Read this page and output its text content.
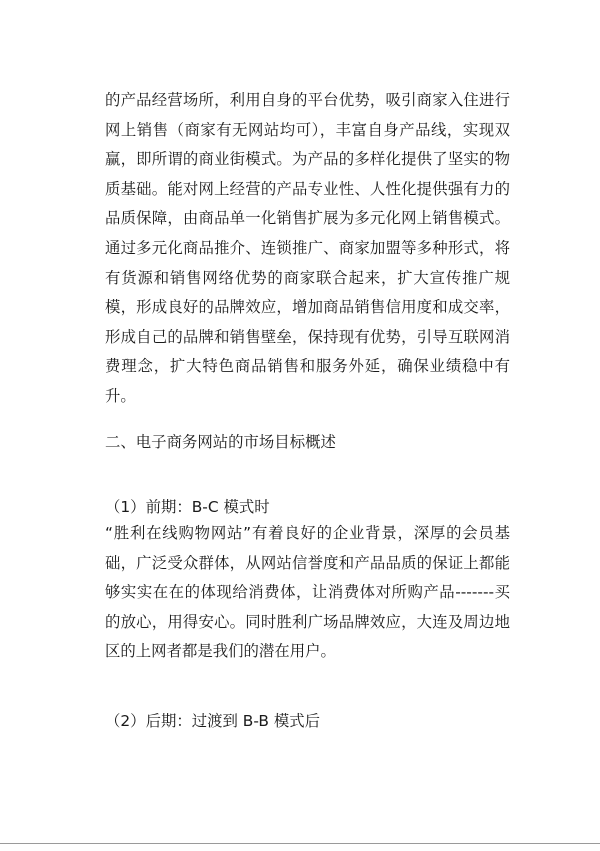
的产品经营场所，利用自身的平台优势，吸引商家入住进行网上销售（商家有无网站均可），丰富自身产品线，实现双赢，即所谓的商业街模式。为产品的多样化提供了坚实的物质基础。能对网上经营的产品专业性、人性化提供强有力的品质保障，由商品单一化销售扩展为多元化网上销售模式。通过多元化商品推介、连锁推广、商家加盟等多种形式，将有货源和销售网络优势的商家联合起来，扩大宣传推广规模，形成良好的品牌效应，增加商品销售信用度和成交率，形成自己的品牌和销售壁垒，保持现有优势，引导互联网消费理念，扩大特色商品销售和服务外延，确保业绩稳中有升。

二、电子商务网站的市场目标概述

（1）前期：B-C 模式时

“胜利在线购物网站”有着良好的企业背景，深厚的会员基础，广泛受众群体，从网站信誉度和产品品质的保证上都能够实实在在的体现给消费体，让消费体对所购产品-------买的放心，用得安心。同时胜利广场品牌效应，大连及周边地区的上网者都是我们的潜在用户。

（2）后期：过渡到 B-B 模式后
